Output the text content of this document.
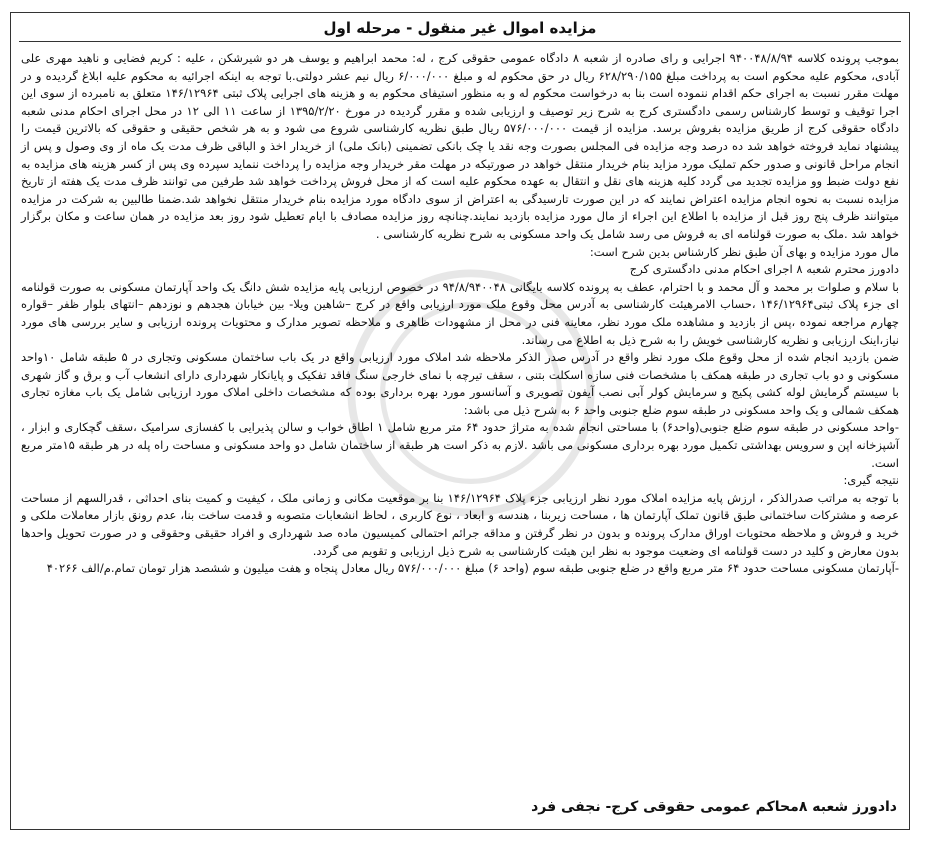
مزایده اموال غیر منقول - مرحله اول

بموجب پرونده کلاسه ۹۴۰۰۴۸/۸/۹۴ اجرایی و رای صادره از شعبه ۸ دادگاه عمومی حقوقی کرج ، له: محمد ابراهیم و یوسف هر دو شیرشکن ، علیه : کریم فضایی و ناهید مهری علی آبادی، محکوم علیه محکوم است به پرداخت مبلغ ۶۲۸/۲۹۰/۱۵۵ ریال در حق محکوم له و مبلغ ۶/۰۰۰/۰۰۰ ریال نیم عشر دولتی.با توجه به اینکه اجرائیه به محکوم علیه ابلاغ گردیده و در مهلت مقرر نسبت به اجرای حکم اقدام ننموده است بنا به درخواست محکوم له و به منظور استیفای محکوم به و هزینه های اجرایی پلاک ثبتی ۱۴۶/۱۲۹۶۴ متعلق به نامبرده از سوی این اجرا توقیف و توسط کارشناس رسمی دادگستری کرج به شرح زیر توصیف و ارزیابی شده و مقرر گردیده در مورخ ۱۳۹۵/۲/۲۰ از ساعت ۱۱ الی ۱۲ در محل اجرای احکام مدنی شعبه دادگاه حقوقی کرج از طریق مزایده بفروش برسد. مزایده از قیمت ۵۷۶/۰۰۰/۰۰۰ ریال طبق نظریه کارشناسی شروع می شود و به هر شخص حقیقی و حقوقی که بالاترین قیمت را پیشنهاد نماید فروخته خواهد شد ده درصد وجه مزایده فی المجلس بصورت وجه نقد یا چک بانکی تضمینی (بانک ملی) از خریدار اخذ و الباقی ظرف مدت یک ماه از وی وصول و پس از انجام مراحل قانونی و صدور حکم تملیک مورد مزاید بنام خریدار منتقل خواهد در صورتیکه در مهلت مقر خریدار وجه مزایده را پرداخت ننماید سپرده وی پس از کسر هزینه های مزایده به نفع دولت ضبط وو مزایده تجدید می گردد کلیه هزینه های نقل و انتقال به عهده محکوم علیه است که از محل فروش پرداخت خواهد شد طرفین می توانند ظرف مدت یک هفته از تاریخ مزایده نسبت به نحوه انجام مزایده اعتراض نمایند که در این صورت تارسیدگی به اعتراض از سوی دادگاه مورد مزایده بنام خریدار منتقل نخواهد شد.ضمنا طالبین به شرکت در مزایده میتوانند ظرف پنج روز قبل از مزایده با اطلاع این اجراء از مال مورد مزایده بازدید نمایند.چنانچه روز مزایده مصادف با ایام تعطیل شود روز بعد مزایده در همان ساعت و مکان برگزار خواهد شد .ملک به صورت قولنامه ای به فروش می رسد شامل یک واحد مسکونی به شرح نظریه کارشناسی .

مال مورد مزایده و بهای آن طبق نظر کارشناس بدین شرح است:

دادورز محترم شعبه ۸ اجرای احکام مدنی دادگستری کرج

با سلام و صلوات بر محمد و آل محمد و با احترام، عطف به پرونده کلاسه بایگانی ۹۴/۸/۹۴۰۰۴۸ در خصوص ارزیابی پایه مزایده شش دانگ یک واحد آپارتمان مسکونی به صورت قولنامه ای جزء پلاک ثبتی۱۴۶/۱۲۹۶۴ ،حساب الامرهیئت کارشناسی به آدرس محل وقوع ملک مورد ارزیابی واقع در کرج –شاهین ویلا- بین خیابان هجدهم و نوزدهم –انتهای بلوار ظفر –قواره چهارم مراجعه نموده ،پس از بازدید و مشاهده ملک مورد نظر، معاینه فنی در محل از مشهودات ظاهری و ملاحظه تصویر مدارک و محتویات پرونده ارزیابی و سایر بررسی های مورد نیاز،اینک ارزیابی و نظریه کارشناسی خویش را به شرح ذیل به اطلاع می رساند.

ضمن بازدید انجام شده از محل وقوع ملک مورد نظر واقع در آدرس صدر الذکر ملاحظه شد املاک مورد ارزیابی واقع در یک باب ساختمان مسکونی وتجاری در ۵ طبقه شامل ۱۰واحد مسکونی و دو باب تجاری در طبقه همکف با مشخصات فنی سازه اسکلت بتنی ، سقف تیرچه با نمای خارجی سنگ فاقد تفکیک و پایانکار شهرداری دارای انشعاب آب و برق و گاز شهری با سیستم گرمایش لوله کشی پکیج و سرمایش کولر آبی نصب آیفون تصویری و آسانسور مورد بهره برداری بوده که مشخصات داخلی املاک مورد ارزیابی شامل یک باب مغازه تجاری همکف شمالی و یک واحد مسکونی در طبقه سوم ضلع جنوبی واحد ۶ به شرح ذیل می باشد:

-واحد مسکونی در طبقه سوم ضلع جنوبی(واحد۶) با مساحتی انجام شده به متراژ حدود ۶۴ متر مربع شامل ۱ اطاق خواب و سالن پذیرایی با کفسازی سرامیک ،سقف گچکاری و ابزار ، آشپزخانه اپن و سرویس بهداشتی تکمیل مورد بهره برداری مسکونی می باشد .لازم به ذکر است هر طبقه از ساختمان شامل دو واحد مسکونی و مساحت راه پله در هر طبقه ۱۵متر مربع است.

نتیجه گیری:

با توجه به مراتب صدرالذکر ، ارزش پایه مزایده املاک مورد نظر ارزیابی جزء پلاک ۱۴۶/۱۲۹۶۴ بنا بر موقعیت مکانی و زمانی ملک ، کیفیت و کمیت بنای احداثی ، قدرالسهم از مساحت عرصه و مشترکات ساختمانی طبق قانون تملک آپارتمان ها ، مساحت زیربنا ، هندسه و ابعاد ، نوع کاربری ، لحاظ انشعابات متصوبه و قدمت ساخت بنا، عدم رونق بازار معاملات ملکی و خرید و فروش و ملاحظه محتویات اوراق مدارک پرونده و بدون در نظر گرفتن و مداقه جرائم احتمالی کمیسیون ماده صد شهرداری و افراد حقیقی وحقوقی و در صورت تحویل واحدها بدون معارض و کلید در دست قولنامه ای وضعیت موجود به نظر این هیئت کارشناسی به شرح ذیل ارزیابی و تقویم می گردد.

-آپارتمان مسکونی مساحت حدود ۶۴ متر مربع واقع در ضلع جنوبی طبقه سوم (واحد ۶) مبلغ ۵۷۶/۰۰۰/۰۰۰ ریال معادل پنجاه و هفت میلیون و ششصد هزار تومان تمام.م/الف ۴۰۲۶۶

دادورز شعبه ۸محاکم عمومی حقوقی کرج- نجفی فرد
